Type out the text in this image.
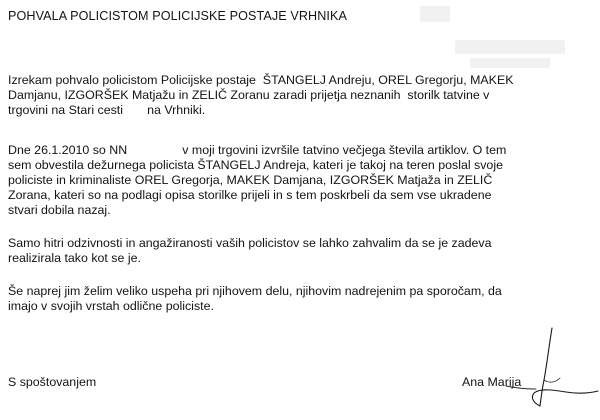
POHVALA POLICISTOM POLICIJSKE POSTAJE VRHNIKA

Izrekam pohvalo policistom Policijske postaje  ŠTANGELJ Andreju, OREL Gregorju, MAKEK
Damjanu, IZGORŠEK Matjažu in ZELIČ Zoranu zaradi prijetja neznanih  storilk tatvine v
trgovini na Stari cesti       na Vrhniki.

Dne 26.1.2010 so NN                v moji trgovini izvršile tatvino večjega števila artiklov. O tem
sem obvestila dežurnega policista ŠTANGELJ Andreja, kateri je takoj na teren poslal svoje
policiste in kriminaliste OREL Gregorja, MAKEK Damjana, IZGORŠEK Matjaža in ZELIČ
Zorana, kateri so na podlagi opisa storilke prijeli in s tem poskrbeli da sem vse ukradene
stvari dobila nazaj.

Samo hitri odzivnosti in angažiranosti vaših policistov se lahko zahvalim da se je zadeva
realizirala tako kot se je.

Še naprej jim želim veliko uspeha pri njihovem delu, njihovim nadrejenim pa sporočam, da
imajo v svojih vrstah odlične policiste.

S spoštovanjem	Ana Marija
